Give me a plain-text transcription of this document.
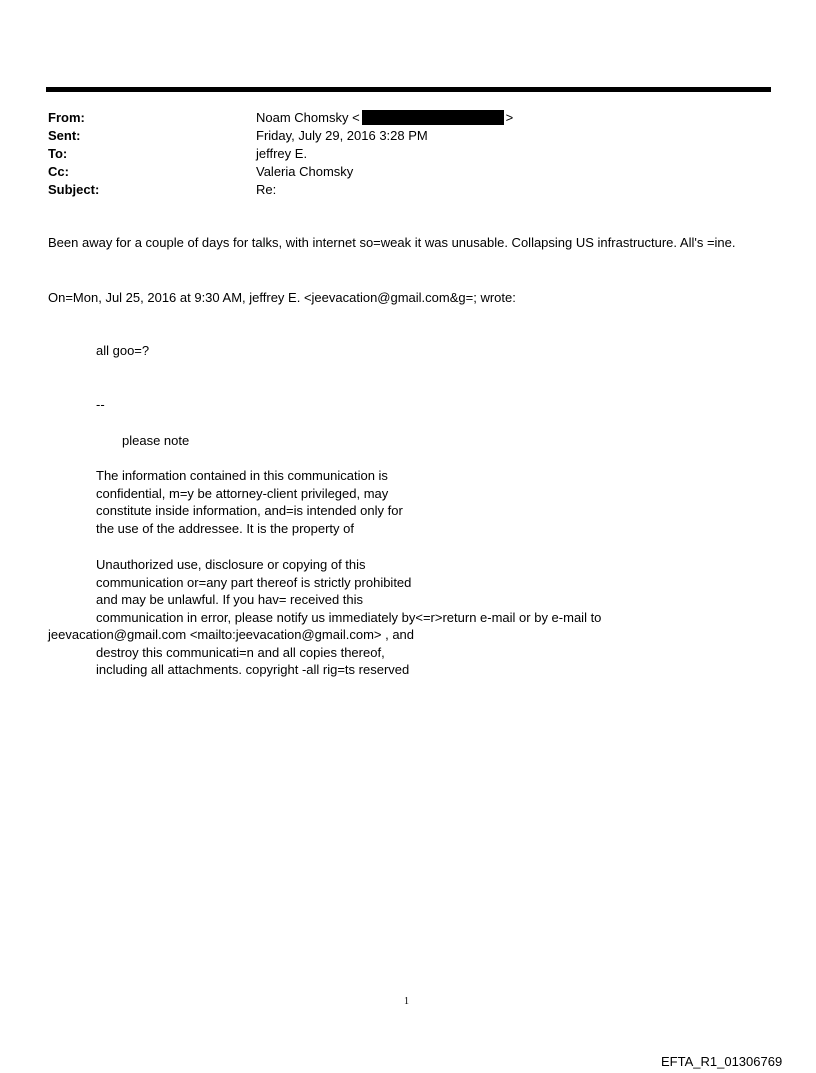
From:	Noam Chomsky <	>
Sent:	Friday, July 29, 2016 3:28 PM
To:	jeffrey E.
Cc:	Valeria Chomsky
Subject:	Re:
Been away for a couple of days for talks, with internet so=weak it was unusable. Collapsing US infrastructure. All's =ine.
On=Mon, Jul 25, 2016 at 9:30 AM, jeffrey E. <jeevacation@gmail.com&g=; wrote:
all goo=?
--
please note
The information contained in this communication is
confidential, m=y be attorney-client privileged, may
constitute inside information, and=is intended only for
the use of the addressee. It is the property of
Unauthorized use, disclosure or copying of this
communication or=any part thereof is strictly prohibited
and may be unlawful. If you hav= received this
communication in error, please notify us immediately by<=r>return e-mail or by e-mail to
jeevacation@gmail.com <mailto:jeevacation@gmail.com> , and
destroy this communicati=n and all copies thereof,
including all attachments. copyright -all rig=ts reserved
1
EFTA_R1_01306769
